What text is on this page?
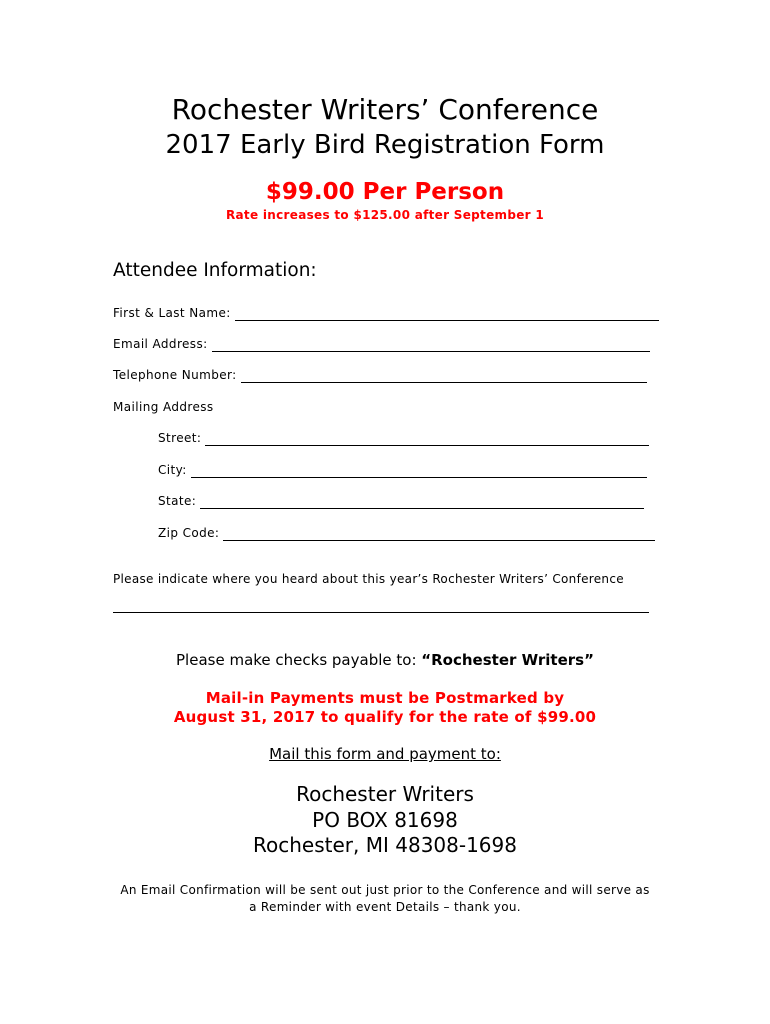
Rochester Writers’ Conference
2017 Early Bird Registration Form
$99.00 Per Person
Rate increases to $125.00 after September 1
Attendee Information:
First & Last Name:
Email Address:
Telephone Number:
Mailing Address
Street:
City:
State:
Zip Code:
Please indicate where you heard about this year’s Rochester Writers’ Conference
Please make checks payable to: “Rochester Writers”
Mail-in Payments must be Postmarked by
August 31, 2017 to qualify for the rate of $99.00
Mail this form and payment to:
Rochester Writers
PO BOX 81698
Rochester, MI 48308-1698
An Email Confirmation will be sent out just prior to the Conference and will serve as
a Reminder with event Details – thank you.
